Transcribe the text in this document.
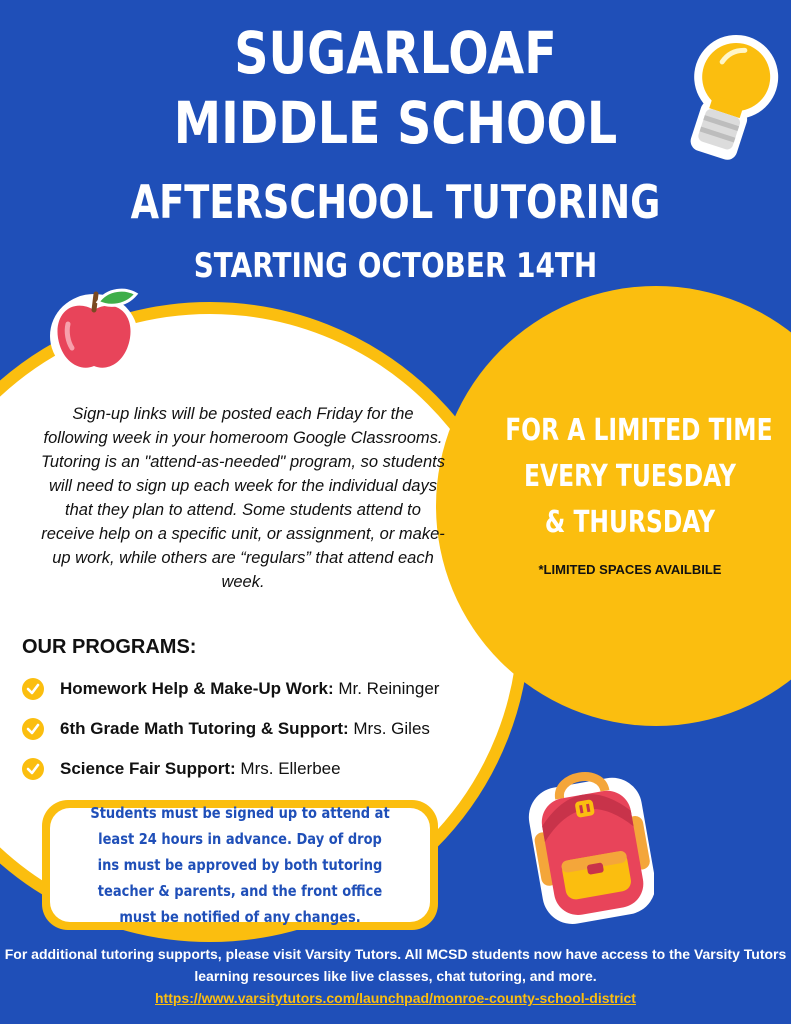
SUGARLOAF
MIDDLE SCHOOL
AFTERSCHOOL TUTORING
STARTING OCTOBER 14TH
Sign-up links will be posted each Friday for the following week in your homeroom Google Classrooms. Tutoring is an "attend-as-needed" program, so students will need to sign up each week for the individual days that they plan to attend. Some students attend to receive help on a specific unit, or assignment, or make-up work, while others are “regulars” that attend each week.
FOR A LIMITED TIME
EVERY TUESDAY
& THURSDAY
*LIMITED SPACES AVAILBILE
OUR PROGRAMS:
Homework Help & Make-Up Work: Mr. Reininger
6th Grade Math Tutoring & Support: Mrs. Giles
Science Fair Support: Mrs. Ellerbee
Students must be signed up to attend at least 24 hours in advance. Day of drop ins must be approved by both tutoring teacher & parents, and the front office must be notified of any changes.
For additional tutoring supports, please visit Varsity Tutors. All MCSD students now have access to the Varsity Tutors learning resources like live classes, chat tutoring, and more.
https://www.varsitytutors.com/launchpad/monroe-county-school-district
